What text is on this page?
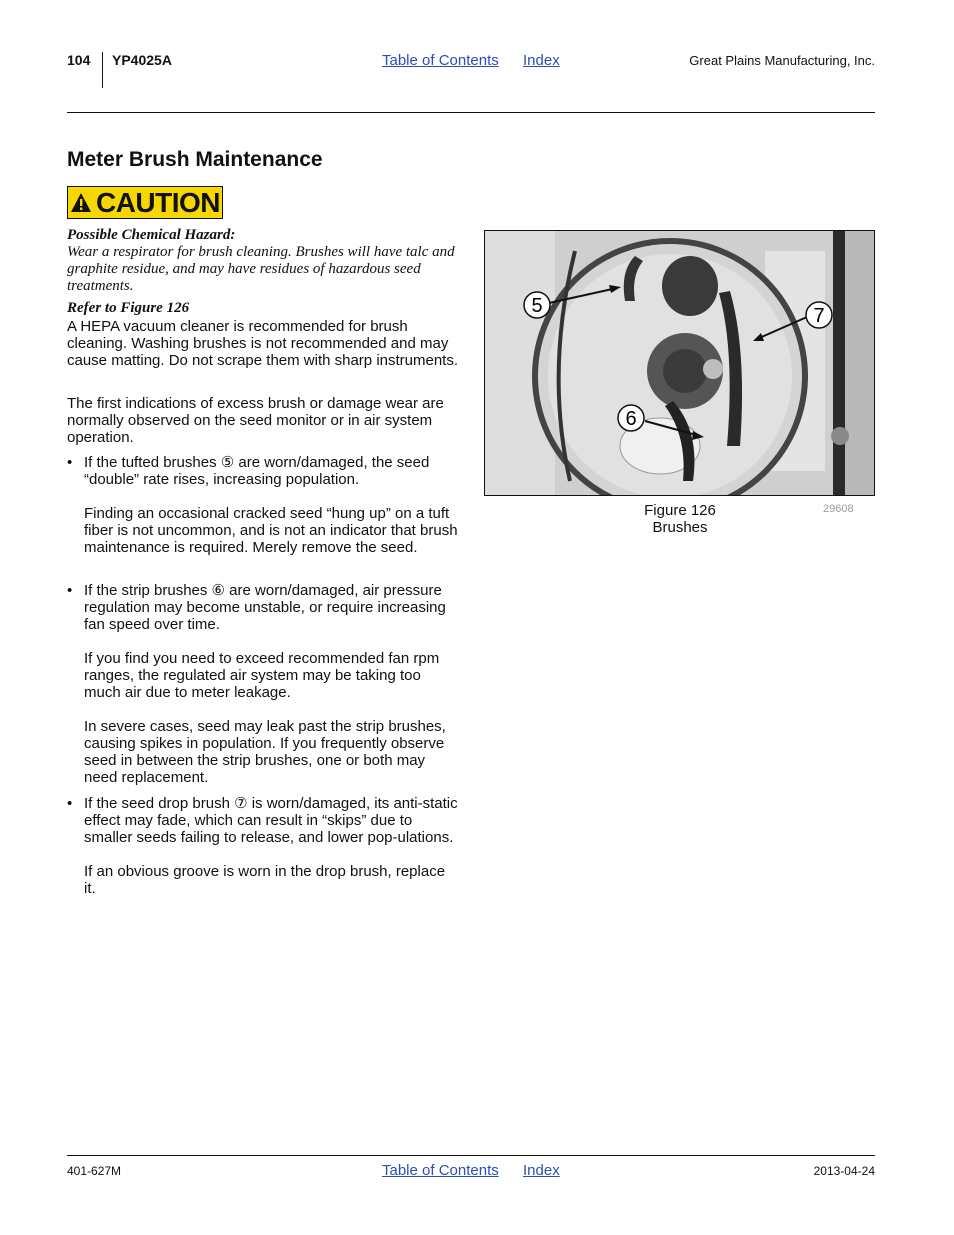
104 YP4025A	Table of Contents Index	Great Plains Manufacturing, Inc.
Meter Brush Maintenance
CAUTION
Possible Chemical Hazard:
Wear a respirator for brush cleaning. Brushes will have talc and graphite residue, and may have residues of hazardous seed treatments.
Refer to Figure 126

A HEPA vacuum cleaner is recommended for brush cleaning. Washing brushes is not recommended and may cause matting. Do not scrape them with sharp instruments.

The first indications of excess brush or damage wear are normally observed on the seed monitor or in air system operation.

• If the tufted brushes ⑤ are worn/damaged, the seed “double” rate rises, increasing population.

Finding an occasional cracked seed “hung up” on a tuft fiber is not uncommon, and is not an indicator that brush maintenance is required. Merely remove the seed.

• If the strip brushes ⑥ are worn/damaged, air pressure regulation may become unstable, or require increasing fan speed over time.

If you find you need to exceed recommended fan rpm ranges, the regulated air system may be taking too much air due to meter leakage.

In severe cases, seed may leak past the strip brushes, causing spikes in population. If you frequently observe seed in between the strip brushes, one or both may need replacement.

• If the seed drop brush ⑦ is worn/damaged, its anti-static effect may fade, which can result in “skips” due to smaller seeds failing to release, and lower pop-ulations.

If an obvious groove is worn in the drop brush, replace it.

5	7
6
Figure 126
Brushes
29608
401-627M	Table of Contents Index	2013-04-24
